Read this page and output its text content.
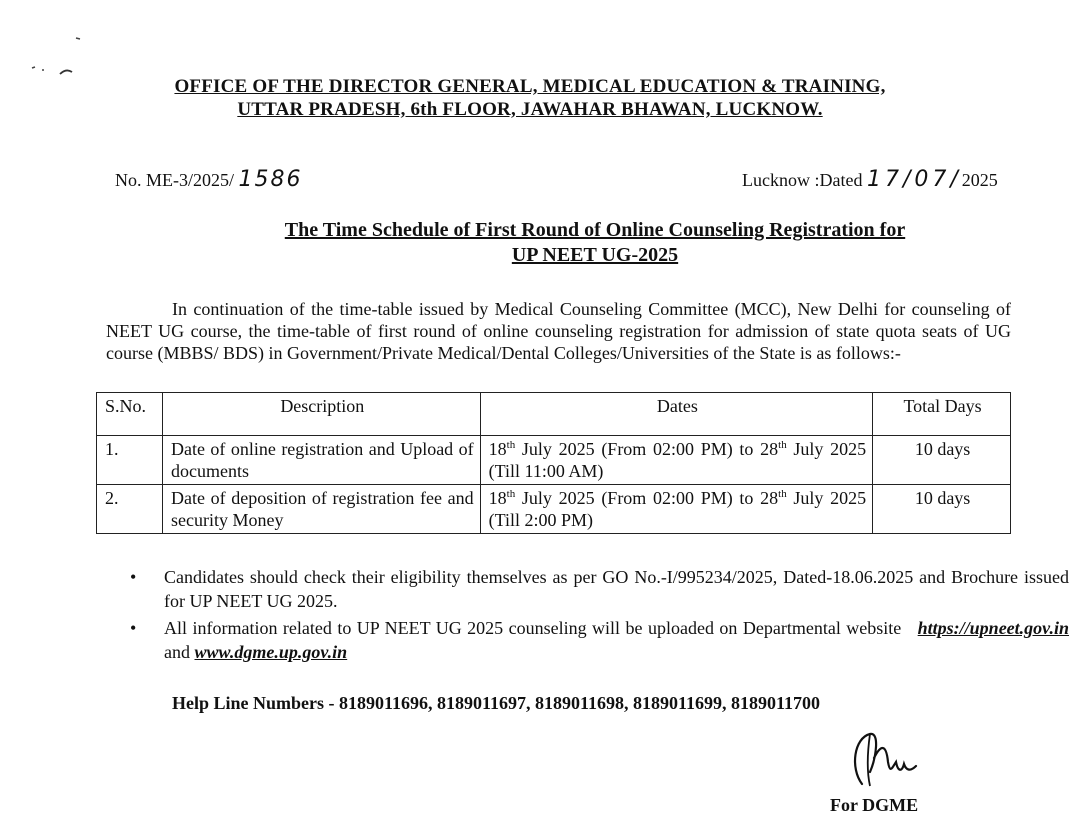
OFFICE OF THE DIRECTOR GENERAL, MEDICAL EDUCATION & TRAINING,
UTTAR PRADESH, 6th FLOOR, JAWAHAR BHAWAN, LUCKNOW.
No. ME-3/2025/ 1586	Lucknow :Dated 17/07/2025
The Time Schedule of First Round of Online Counseling Registration for
UP NEET UG-2025
In continuation of the time-table issued by Medical Counseling Committee (MCC), New Delhi for counseling of NEET UG course, the time-table of first round of online counseling registration for admission of state quota seats of UG course (MBBS/ BDS) in Government/Private Medical/Dental Colleges/Universities of the State is as follows:-
S.No.	Description	Dates	Total Days
1.	Date of online registration and Upload of documents	18th July 2025 (From 02:00 PM) to 28th July 2025 (Till 11:00 AM)	10 days
2.	Date of deposition of registration fee and security Money	18th July 2025 (From 02:00 PM) to 28th July 2025 (Till 2:00 PM)	10 days
• Candidates should check their eligibility themselves as per GO No.-I/995234/2025, Dated-18.06.2025 and Brochure issued for UP NEET UG 2025.
• All information related to UP NEET UG 2025 counseling will be uploaded on Departmental website https://upneet.gov.in and www.dgme.up.gov.in
Help Line Numbers - 8189011696, 8189011697, 8189011698, 8189011699, 8189011700
For DGME
